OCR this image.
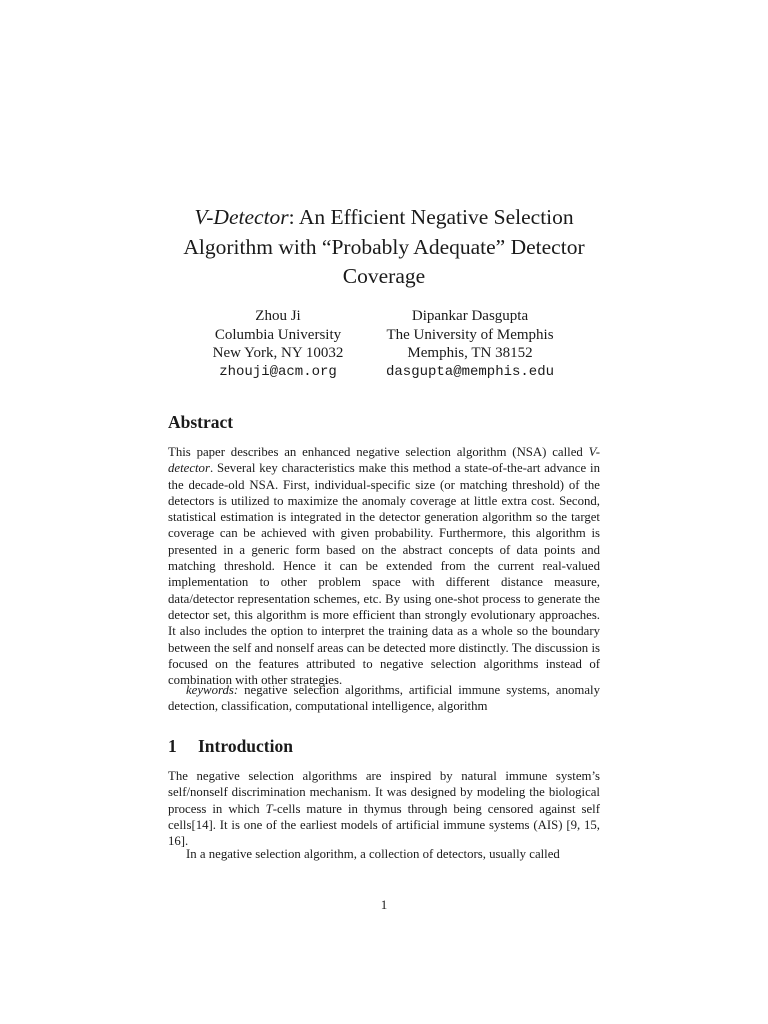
V-Detector: An Efficient Negative Selection
Algorithm with “Probably Adequate” Detector
Coverage
Zhou Ji
Columbia University
New York, NY 10032
zhouji@acm.org
Dipankar Dasgupta
The University of Memphis
Memphis, TN 38152
dasgupta@memphis.edu
Abstract

This paper describes an enhanced negative selection algorithm (NSA) called V-detector. Several key characteristics make this method a state-of-the-art advance in the decade-old NSA. First, individual-specific size (or matching threshold) of the detectors is utilized to maximize the anomaly coverage at little extra cost. Second, statistical estimation is integrated in the detector generation algorithm so the target coverage can be achieved with given probability. Furthermore, this algorithm is presented in a generic form based on the abstract concepts of data points and matching threshold. Hence it can be extended from the current real-valued implementation to other problem space with different distance measure, data/detector representation schemes, etc. By using one-shot process to generate the detector set, this algorithm is more efficient than strongly evolutionary approaches. It also includes the option to interpret the training data as a whole so the boundary between the self and nonself areas can be detected more distinctly. The discussion is focused on the features attributed to negative selection algorithms instead of combination with other strategies.

keywords: negative selection algorithms, artificial immune systems, anomaly detection, classification, computational intelligence, algorithm

1 Introduction

The negative selection algorithms are inspired by natural immune system’s self/nonself discrimination mechanism. It was designed by modeling the biological process in which T-cells mature in thymus through being censored against self cells[14]. It is one of the earliest models of artificial immune systems (AIS) [9, 15, 16].

In a negative selection algorithm, a collection of detectors, usually called

1
